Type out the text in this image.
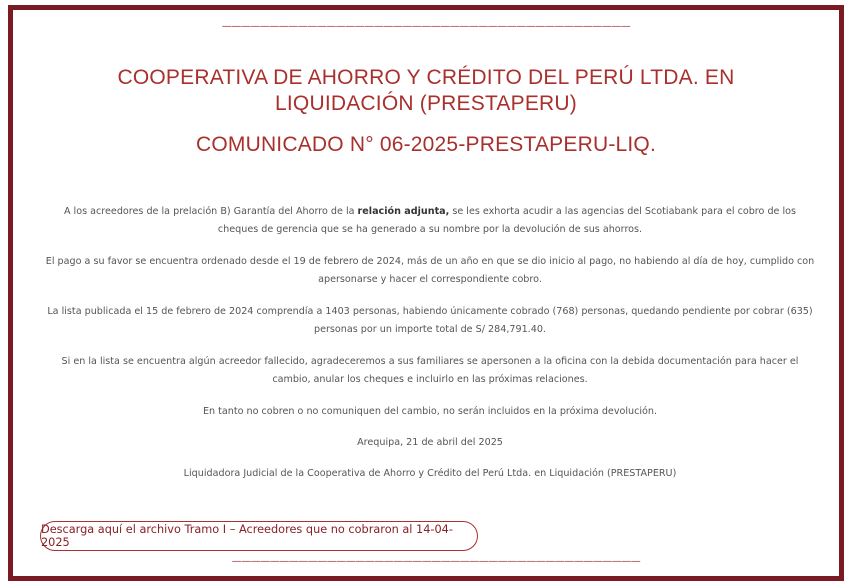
———————————————————————————————————————————
COOPERATIVA DE AHORRO Y CRÉDITO DEL PERÚ LTDA. EN LIQUIDACIÓN (PRESTAPERU)
COMUNICADO N° 06-2025-PRESTAPERU-LIQ.

A los acreedores de la prelación B) Garantía del Ahorro de la relación adjunta, se les exhorta acudir a las agencias del Scotiabank para el cobro de los cheques de gerencia que se ha generado a su nombre por la devolución de sus ahorros.

El pago a su favor se encuentra ordenado desde el 19 de febrero de 2024, más de un año en que se dio inicio al pago, no habiendo al día de hoy, cumplido con apersonarse y hacer el correspondiente cobro.

La lista publicada el 15 de febrero de 2024 comprendía a 1403 personas, habiendo únicamente cobrado (768) personas, quedando pendiente por cobrar (635) personas por un importe total de S/ 284,791.40.

Si en la lista se encuentra algún acreedor fallecido, agradeceremos a sus familiares se apersonen a la oficina con la debida documentación para hacer el cambio, anular los cheques e incluirlo en las próximas relaciones.

En tanto no cobren o no comuniquen del cambio, no serán incluidos en la próxima devolución.

Arequipa, 21 de abril del 2025

Liquidadora Judicial de la Cooperativa de Ahorro y Crédito del Perú Ltda. en Liquidación (PRESTAPERU)

Descarga aquí el archivo Tramo I – Acreedores que no cobraron al 14-04-2025
———————————————————————————————————————————
